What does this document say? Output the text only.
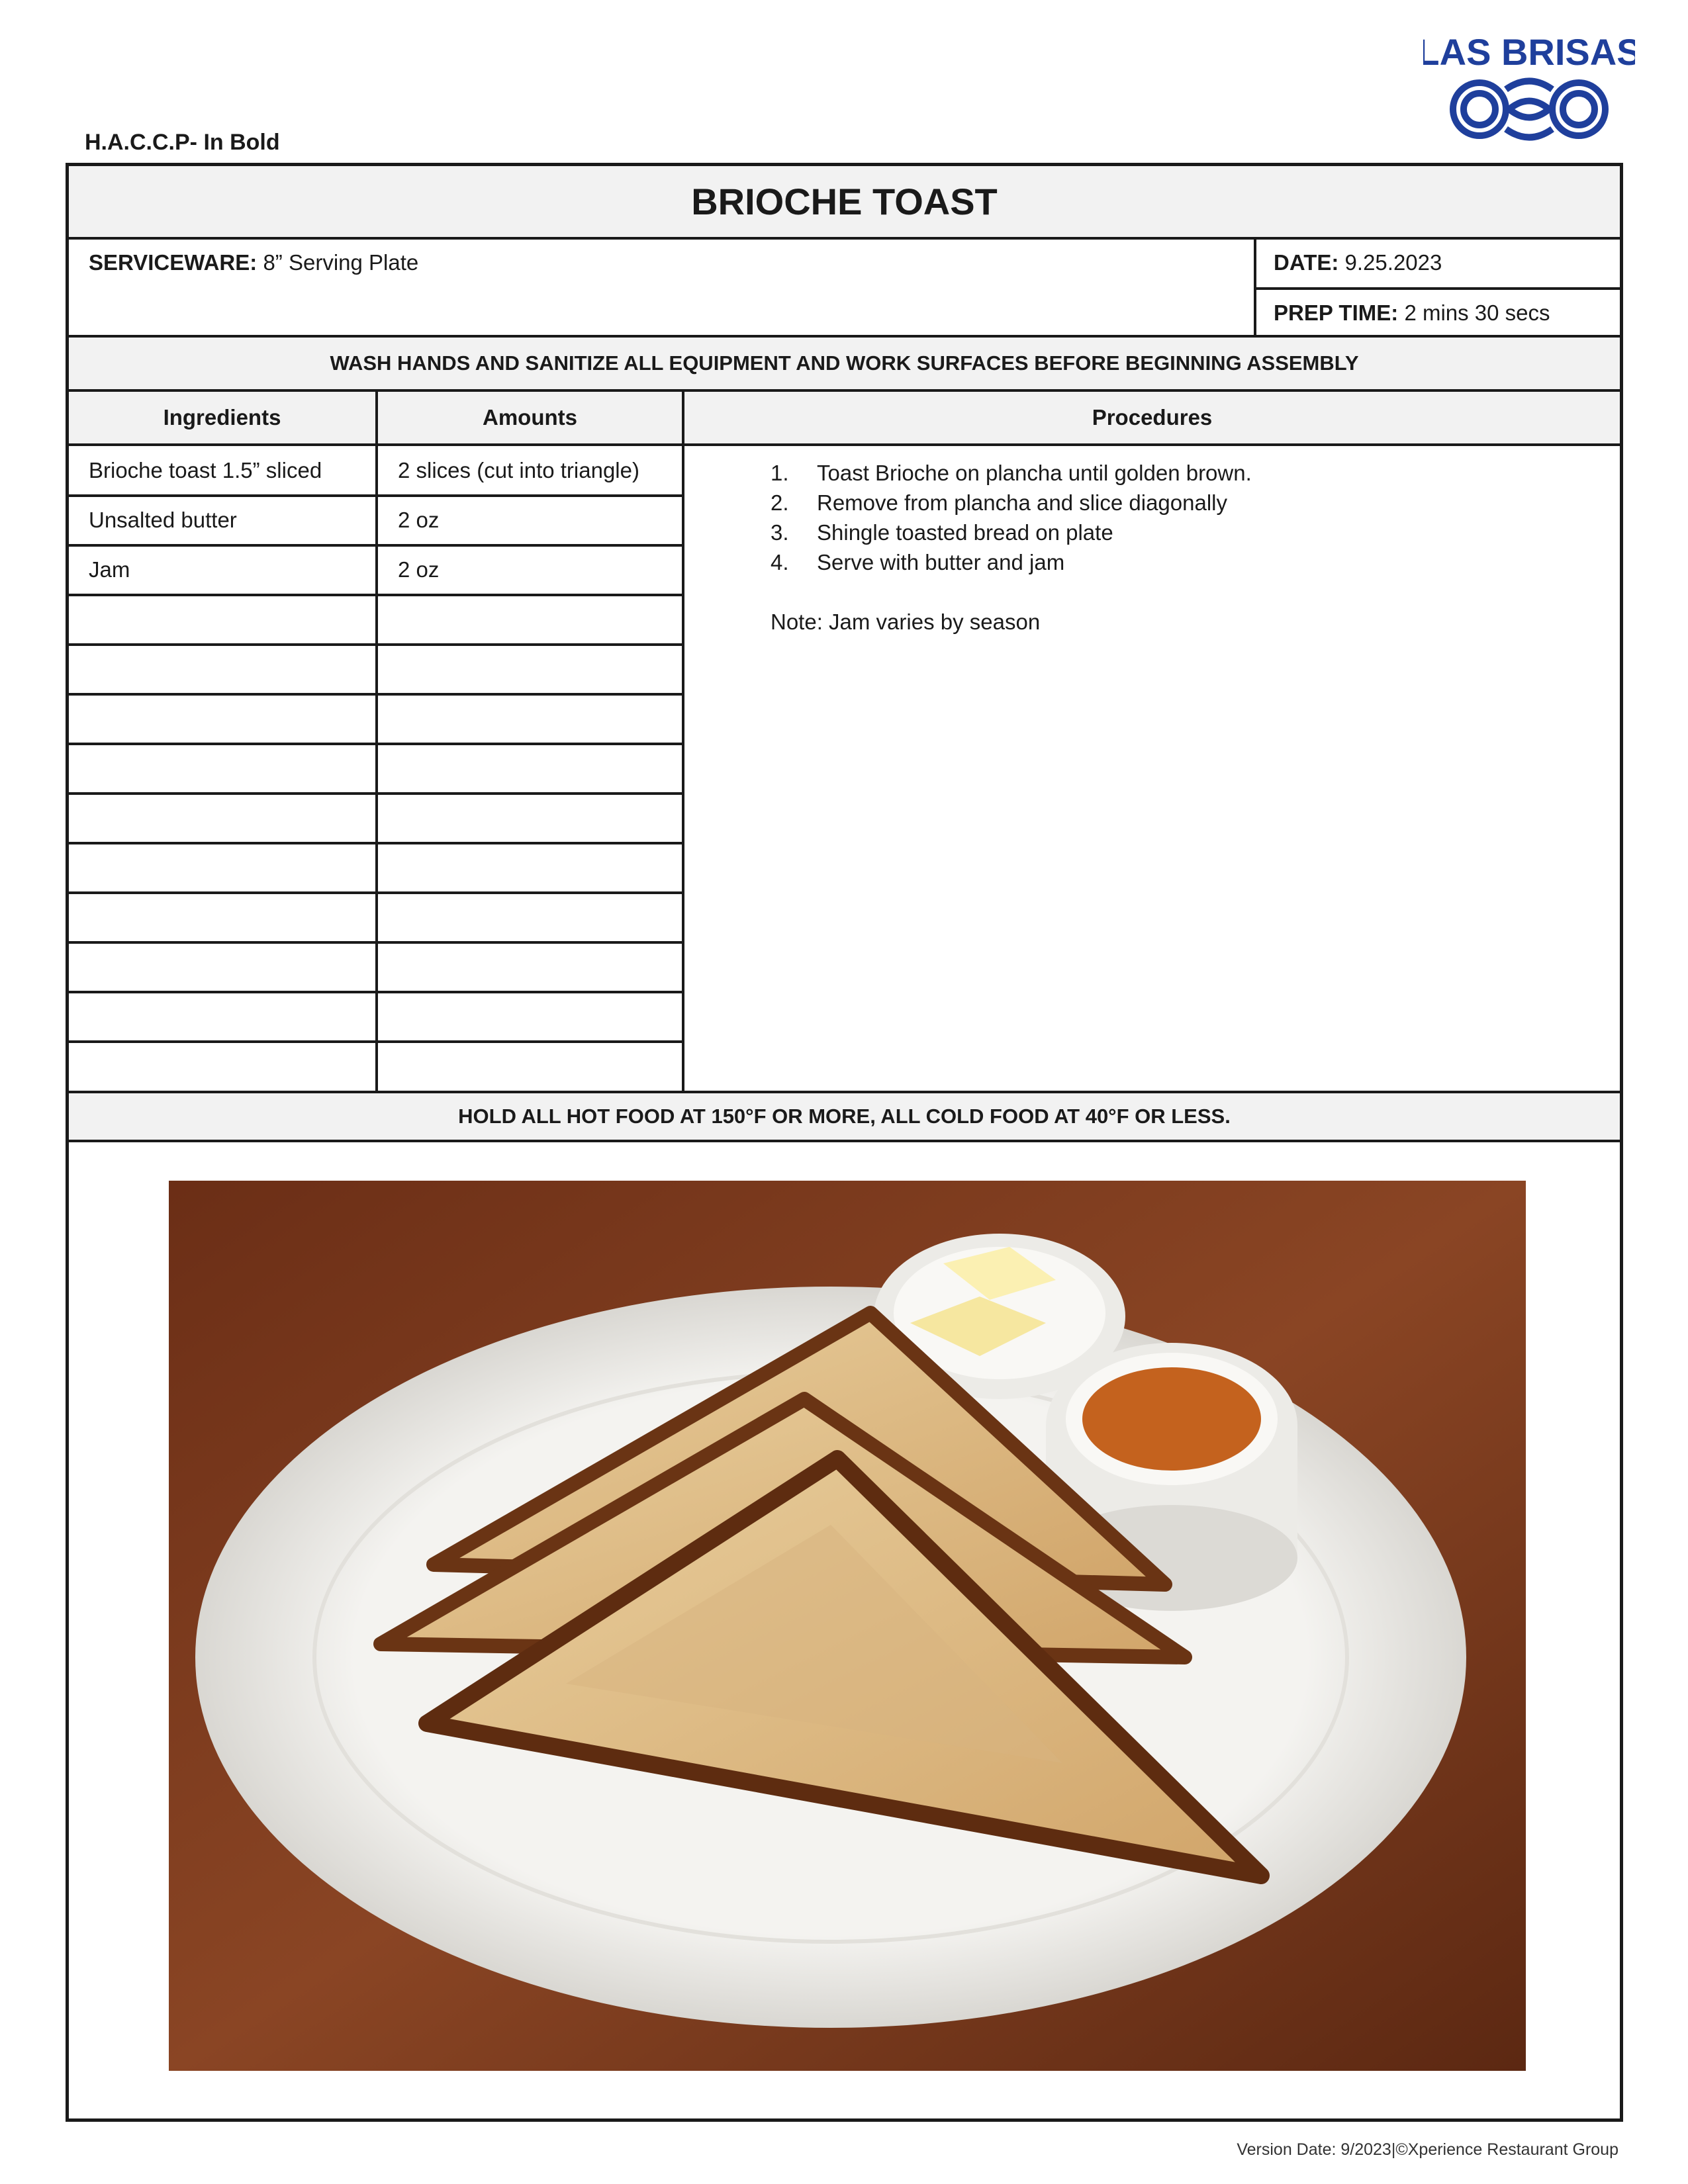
LAS BRISAS
H.A.C.C.P- In Bold
BRIOCHE TOAST
SERVICEWARE: 8” Serving Plate	DATE: 9.25.2023
PREP TIME: 2 mins 30 secs
WASH HANDS AND SANITIZE ALL EQUIPMENT AND WORK SURFACES BEFORE BEGINNING ASSEMBLY
Ingredients	Amounts	Procedures
Brioche toast 1.5” sliced	2 slices (cut into triangle)
Unsalted butter	2 oz
Jam	2 oz
1.	Toast Brioche on plancha until golden brown.
2.	Remove from plancha and slice diagonally
3.	Shingle toasted bread on plate
4.	Serve with butter and jam
Note: Jam varies by season
HOLD ALL HOT FOOD AT 150°F OR MORE, ALL COLD FOOD AT 40°F OR LESS.
Version Date: 9/2023|©Xperience Restaurant Group
